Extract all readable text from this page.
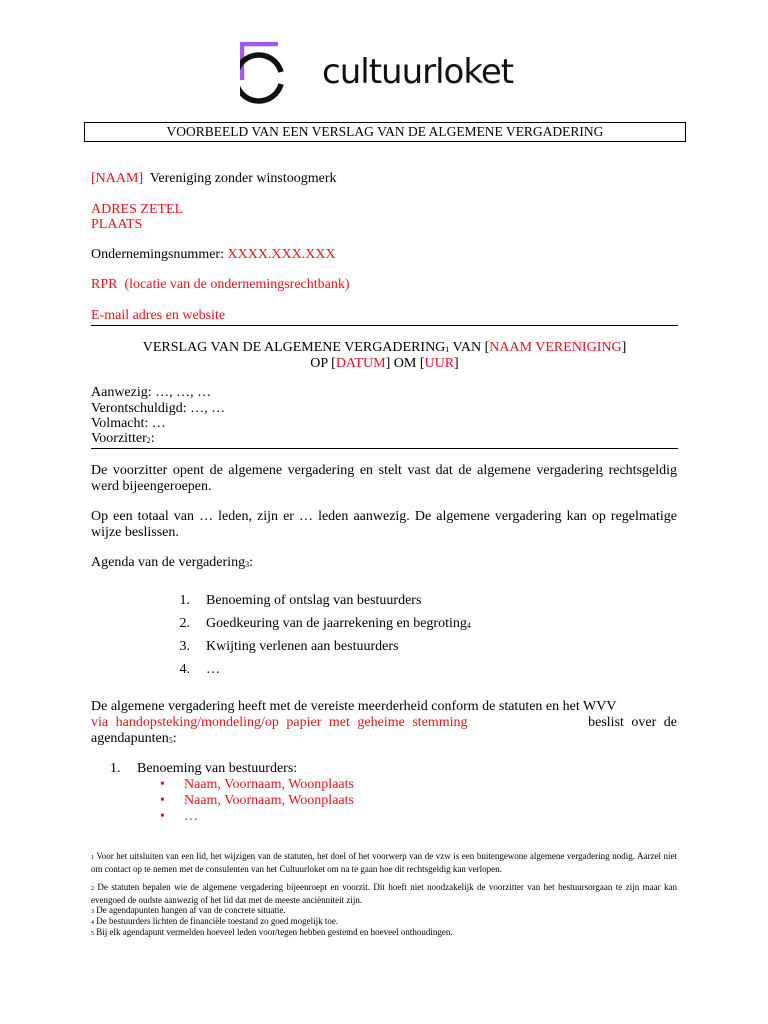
cultuurloket
VOORBEELD VAN EEN VERSLAG VAN DE ALGEMENE VERGADERING
[NAAM]  Vereniging zonder winstoogmerk
ADRES ZETEL
PLAATS
Ondernemingsnummer: XXXX.XXX.XXX
RPR  (locatie van de ondernemingsrechtbank)
E-mail adres en website
VERSLAG VAN DE ALGEMENE VERGADERING1 VAN [NAAM VERENIGING]
OP [DATUM] OM [UUR]
Aanwezig: …, …, …
Verontschuldigd: …, …
Volmacht: …
Voorzitter2:
De voorzitter opent de algemene vergadering en stelt vast dat de algemene vergadering rechtsgeldig werd bijeengeroepen.
Op een totaal van … leden, zijn er … leden aanwezig. De algemene vergadering kan op regelmatige wijze beslissen.
Agenda van de vergadering3:
1. Benoeming of ontslag van bestuurders
2. Goedkeuring van de jaarrekening en begroting4
3. Kwijting verlenen aan bestuurders
4. …
De algemene vergadering heeft met de vereiste meerderheid conform de statuten en het WVV
via handopsteking/mondeling/op papier met geheime stemming	beslist over de
agendapunten5:
1. Benoeming van bestuurders:
• Naam, Voornaam, Woonplaats
• Naam, Voornaam, Woonplaats
• …
1 Voor het uitsluiten van een lid, het wijzigen van de statuten, het doel of het voorwerp van de vzw is een buitengewone algemene vergadering nodig. Aarzel niet om contact op te nemen met de consulenten van het Cultuurloket om na te gaan hoe dit rechtsgeldig kan verlopen.
2 De statuten bepalen wie de algemene vergadering bijeenroept en voorzit. Dit hoeft niet noodzakelijk de voorzitter van het bestuursorgaan te zijn maar kan evengoed de oudste aanwezig of het lid dat met de meeste anciënniteit zijn.
3 De agendapunten hangen af van de concrete situatie.
4 De bestuurders lichten de financiële toestand zo goed mogelijk toe.
5 Bij elk agendapunt vermelden hoeveel leden voor/tegen hebben gestemd en hoeveel onthoudingen.
